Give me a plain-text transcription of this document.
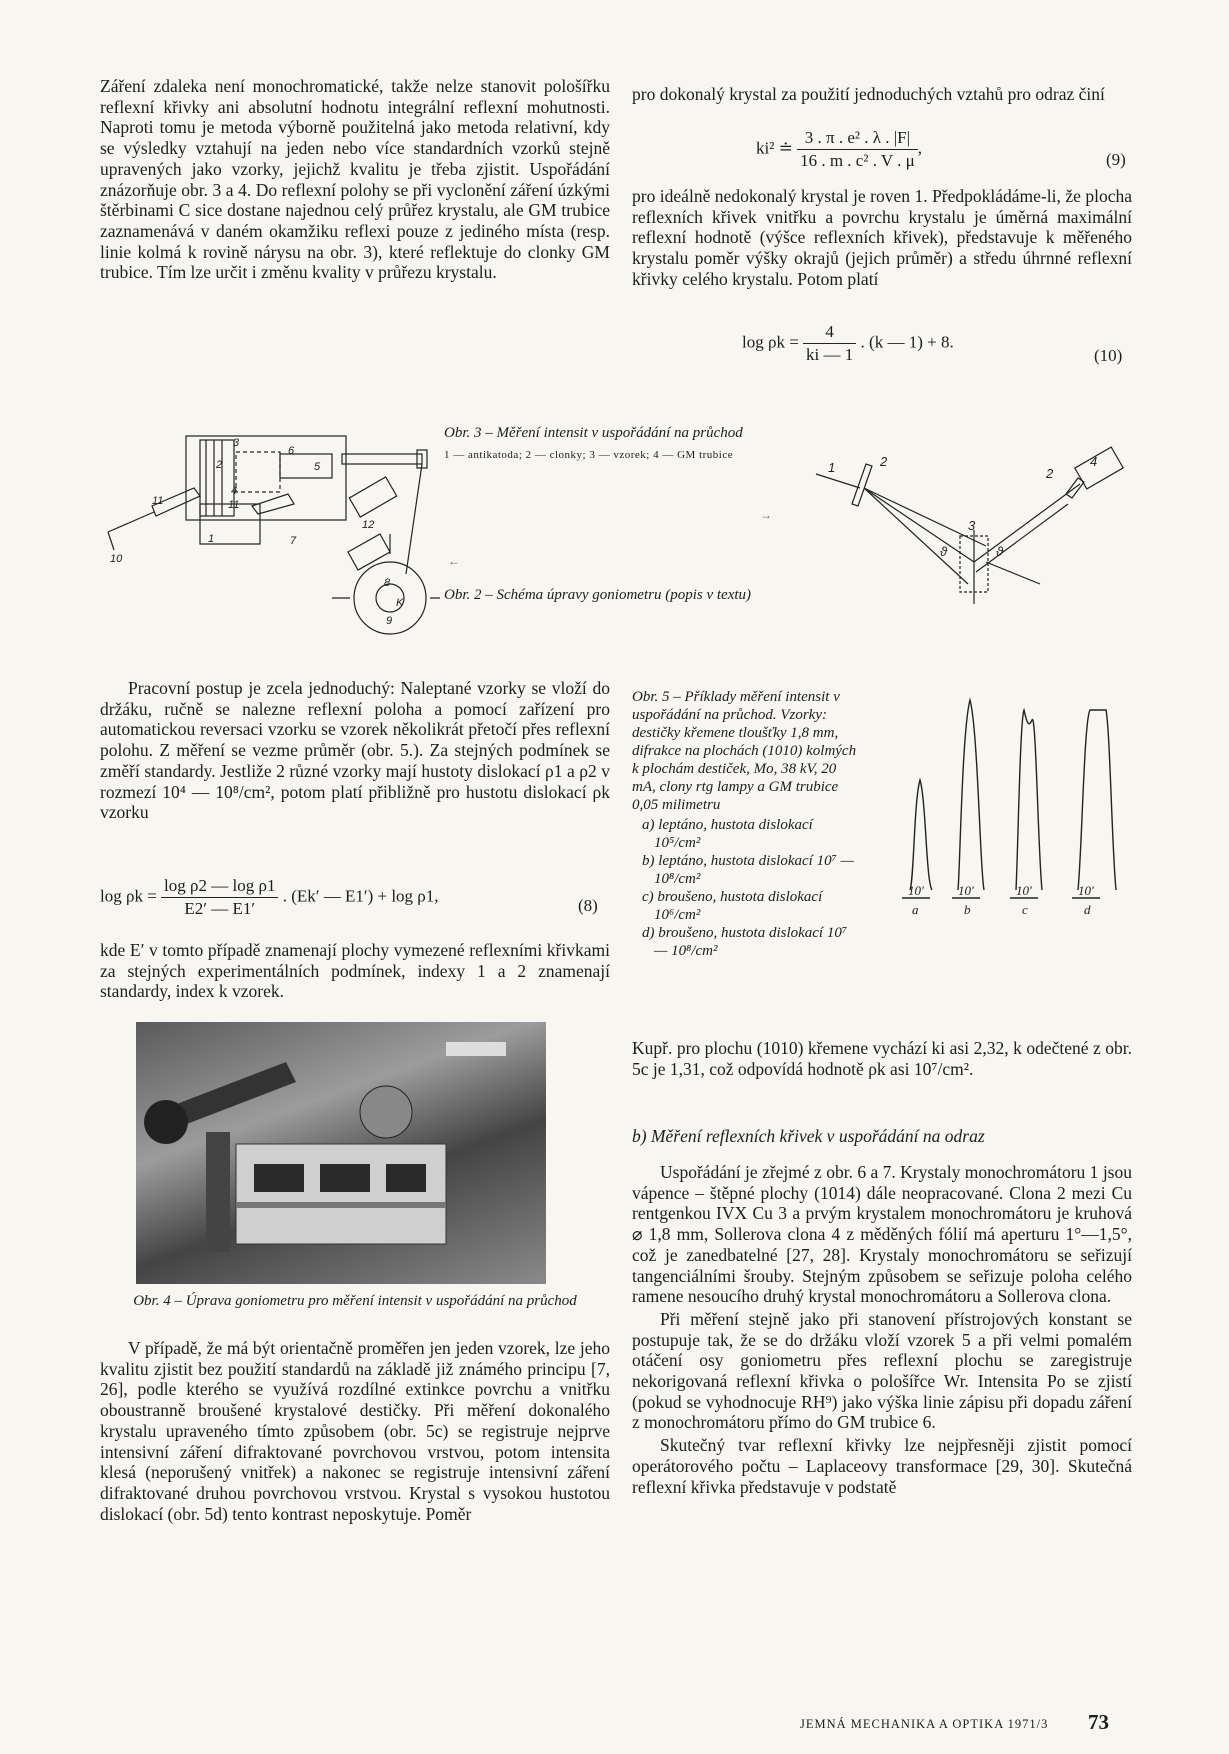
Záření zdaleka není monochromatické, takže nelze stanovit pološířku reflexní křivky ani absolutní hodnotu integrální reflexní mohutnosti. Naproti tomu je metoda výborně použitelná jako metoda relativní, kdy se výsledky vztahují na jeden nebo více standardních vzorků stejně upravených jako vzorky, jejichž kvalitu je třeba zjistit. Uspořádání znázorňuje obr. 3 a 4. Do reflexní polohy se při vyclonění záření úzkými štěrbinami C sice dostane najednou celý průřez krystalu, ale GM trubice zaznamenává v daném okamžiku reflexi pouze z jediného místa (resp. linie kolmá k rovině nárysu na obr. 3), které reflektuje do clonky GM trubice. Tím lze určit i změnu kvality v průřezu krystalu.

pro dokonalý krystal za použití jednoduchých vztahů pro odraz činí

ki² ≐ $\frac{\text{3 . π . e² . λ . |F|}}{\text{16 . m . c² . V . μ}}$ ,
(9)

pro ideálně nedokonalý krystal je roven 1. Předpokládáme-li, že plocha reflexních křivek vnitřku a povrchu krystalu je úměrná maximální reflexní hodnotě (výšce reflexních křivek), představuje k měřeného krystalu poměr výšky okrajů (jejich průměr) a středu úhrnné reflexní křivky celého krystalu. Potom platí

$\log \rho k = \frac{4}{ki — 1}$ . (k — 1) + 8.
(10)
3
6
5
2
4
7
11	11
1
10
12
8
K
9
Obr. 3 – Měření intensit v uspořádání na průchod
1 — antikatoda; 2 — clonky; 3 — vzorek; 4 — GM trubice
→
←
Obr. 2 – Schéma úpravy goniometru (popis v textu)
1	2
2
4
3
ϑ	ϑ

Pracovní postup je zcela jednoduchý: Naleptané vzorky se vloží do držáku, ručně se nalezne reflexní poloha a pomocí zařízení pro automatickou reversaci vzorku se vzorek několikrát přetočí přes reflexní polohu. Z měření se vezme průměr (obr. 5.). Za stejných podmínek se změří standardy. Jestliže 2 různé vzorky mají hustoty dislokací ρ1 a ρ2 v rozmezí 10⁴ — 10⁸/cm², potom platí přibližně pro hustotu dislokací ρk vzorku

$\log \rho k = \frac{\text{log ρ2 — log ρ1}}{E2' — E1'}$ . (Ek′ — E1′) + log ρ1,
(8)

kde E′ v tomto případě znamenají plochy vymezené reflexními křivkami za stejných experimentálních podmínek, indexy 1 a 2 znamenají standardy, index k vzorek.

Obr. 5 – Příklady měření intensit v uspořádání na průchod. Vzorky: destičky křemene tloušťky 1,8 mm, difrakce na plochách (1010) kolmých k plochám destiček, Mo, 38 kV, 20 mA, clony rtg lampy a GM trubice 0,05 milimetru
a) leptáno, hustota dislokací 10⁵/cm²
b) leptáno, hustota dislokací 10⁷ — 10⁸/cm²
c) broušeno, hustota dislokací 10⁶/cm²
d) broušeno, hustota dislokací 10⁷ — 10⁸/cm²
10′	10′	10′	10′
a	b	c	d
Obr. 4 – Úprava goniometru pro měření intensit v uspořádání na průchod

V případě, že má být orientačně proměřen jen jeden vzorek, lze jeho kvalitu zjistit bez použití standardů na základě již známého principu [7, 26], podle kterého se využívá rozdílné extinkce povrchu a vnitřku oboustranně broušené krystalové destičky. Při měření dokonalého krystalu upraveného tímto způsobem (obr. 5c) se registruje nejprve intensivní záření difraktované povrchovou vrstvou, potom intensita klesá (neporušený vnitřek) a nakonec se registruje intensivní záření difraktované druhou povrchovou vrstvou. Krystal s vysokou hustotou dislokací (obr. 5d) tento kontrast neposkytuje. Poměr

Kupř. pro plochu (1010) křemene vychází ki asi 2,32, k odečtené z obr. 5c je 1,31, což odpovídá hodnotě ρk asi 10⁷/cm².

b) Měření reflexních křivek v uspořádání na odraz

Uspořádání je zřejmé z obr. 6 a 7. Krystaly monochromátoru 1 jsou vápence – štěpné plochy (1014) dále neopracované. Clona 2 mezi Cu rentgenkou IVX Cu 3 a prvým krystalem monochromátoru je kruhová ⌀ 1,8 mm, Sollerova clona 4 z měděných fólií má aperturu 1°—1,5°, což je zanedbatelné [27, 28]. Krystaly monochromátoru se seřizují tangenciálními šrouby. Stejným způsobem se seřizuje poloha celého ramene nesoucího druhý krystal monochromátoru a Sollerova clona.

Při měření stejně jako při stanovení přístrojových konstant se postupuje tak, že se do držáku vloží vzorek 5 a při velmi pomalém otáčení osy goniometru přes reflexní plochu se zaregistruje nekorigovaná reflexní křivka o pološířce Wr. Intensita Po se zjistí (pokud se vyhodnocuje RH⁹) jako výška linie zápisu při dopadu záření z monochromátoru přímo do GM trubice 6.

Skutečný tvar reflexní křivky lze nejpřesněji zjistit pomocí operátorového počtu – Laplaceovy transformace [29, 30]. Skutečná reflexní křivka představuje v podstatě

JEMNÁ MECHANIKA A OPTIKA 1971/3 73
